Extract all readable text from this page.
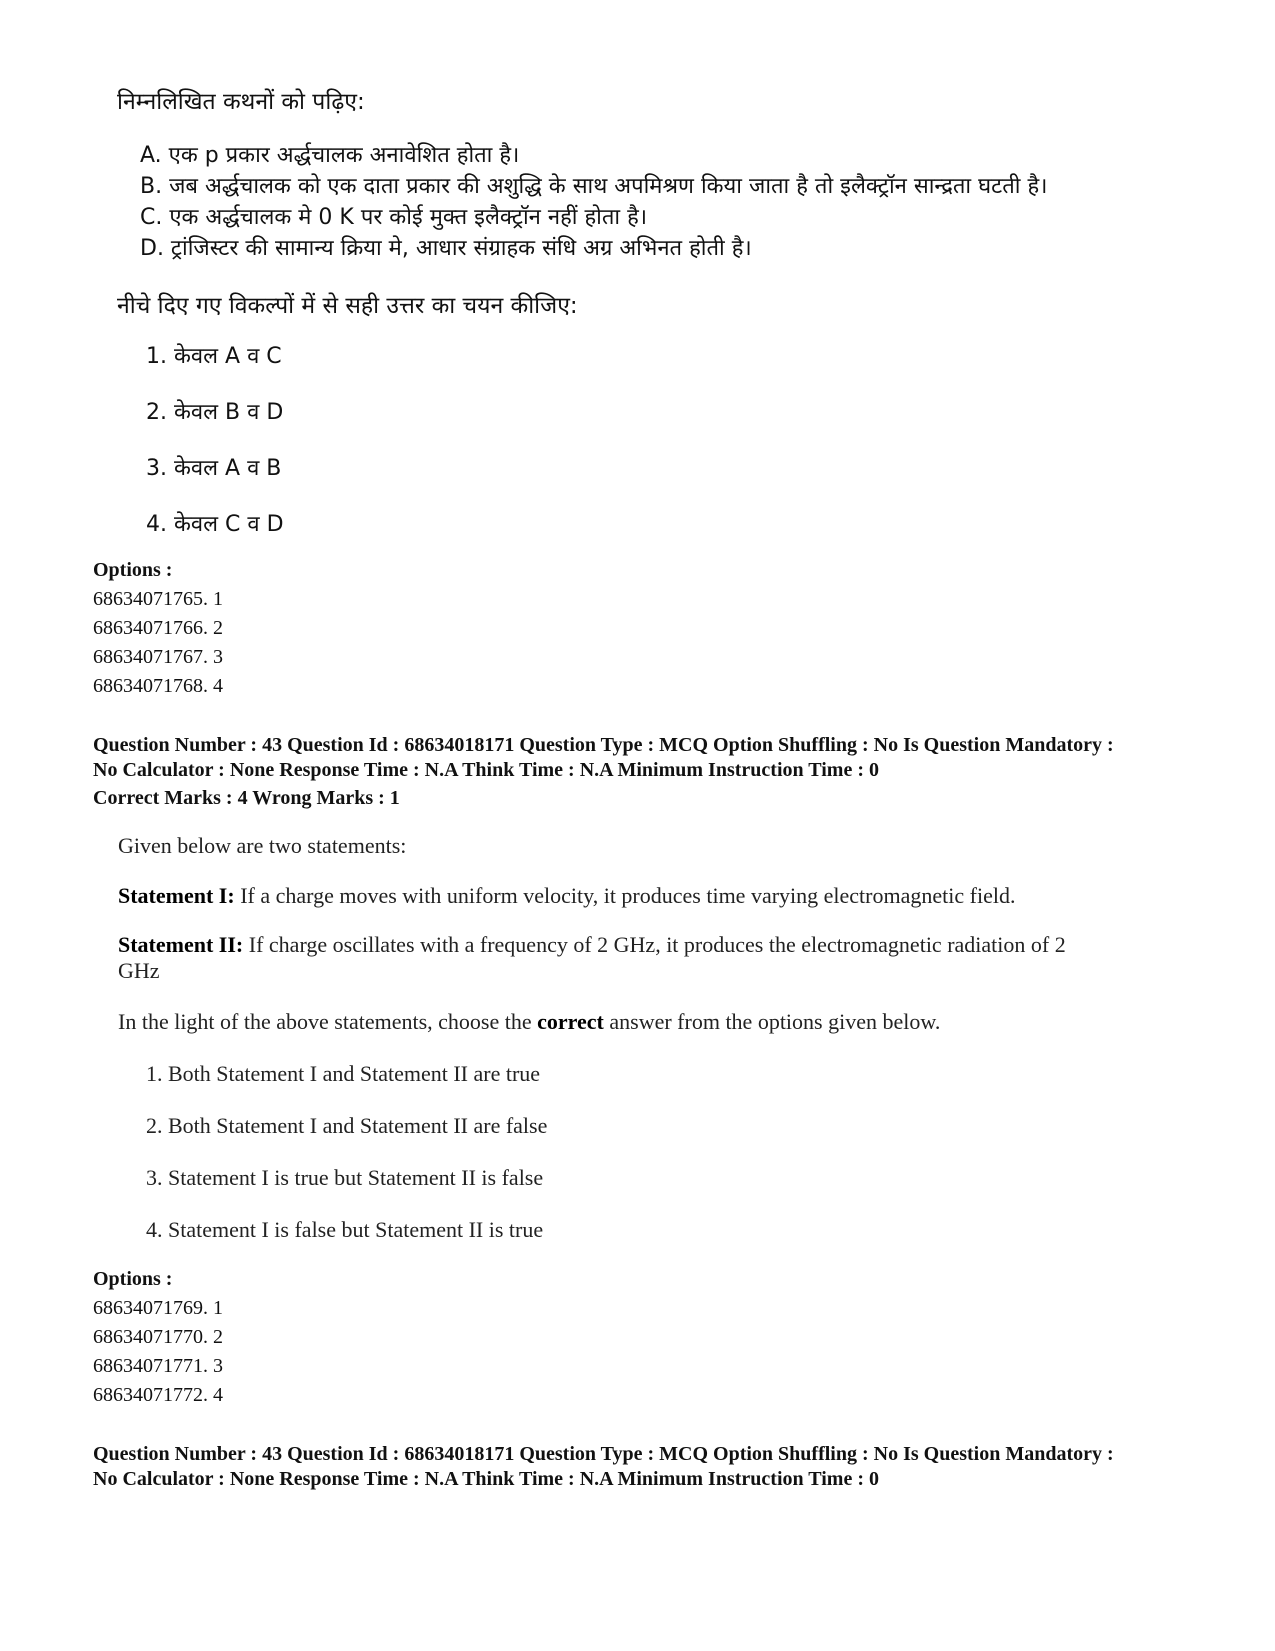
निम्नलिखित कथनों को पढ़िए:
A. एक p प्रकार अर्द्धचालक अनावेशित होता है।
B. जब अर्द्धचालक को एक दाता प्रकार की अशुद्धि के साथ अपमिश्रण किया जाता है तो इलैक्ट्रॉन सान्द्रता घटती है।
C. एक अर्द्धचालक मे 0 K पर कोई मुक्त इलैक्ट्रॉन नहीं होता है।
D. ट्रांजिस्टर की सामान्य क्रिया मे, आधार संग्राहक संधि अग्र अभिनत होती है।
नीचे दिए गए विकल्पों में से सही उत्तर का चयन कीजिए:
1. केवल A व C
2. केवल B व D
3. केवल A व B
4. केवल C व D
Options :
68634071765. 1
68634071766. 2
68634071767. 3
68634071768. 4
Question Number : 43 Question Id : 68634018171 Question Type : MCQ Option Shuffling : No Is Question Mandatory :
No Calculator : None Response Time : N.A Think Time : N.A Minimum Instruction Time : 0
Correct Marks : 4 Wrong Marks : 1
Given below are two statements:
Statement I: If a charge moves with uniform velocity, it produces time varying electromagnetic field.
Statement II: If charge oscillates with a frequency of 2 GHz, it produces the electromagnetic radiation of 2
GHz
In the light of the above statements, choose the correct answer from the options given below.
1. Both Statement I and Statement II are true
2. Both Statement I and Statement II are false
3. Statement I is true but Statement II is false
4. Statement I is false but Statement II is true
Options :
68634071769. 1
68634071770. 2
68634071771. 3
68634071772. 4
Question Number : 43 Question Id : 68634018171 Question Type : MCQ Option Shuffling : No Is Question Mandatory :
No Calculator : None Response Time : N.A Think Time : N.A Minimum Instruction Time : 0
